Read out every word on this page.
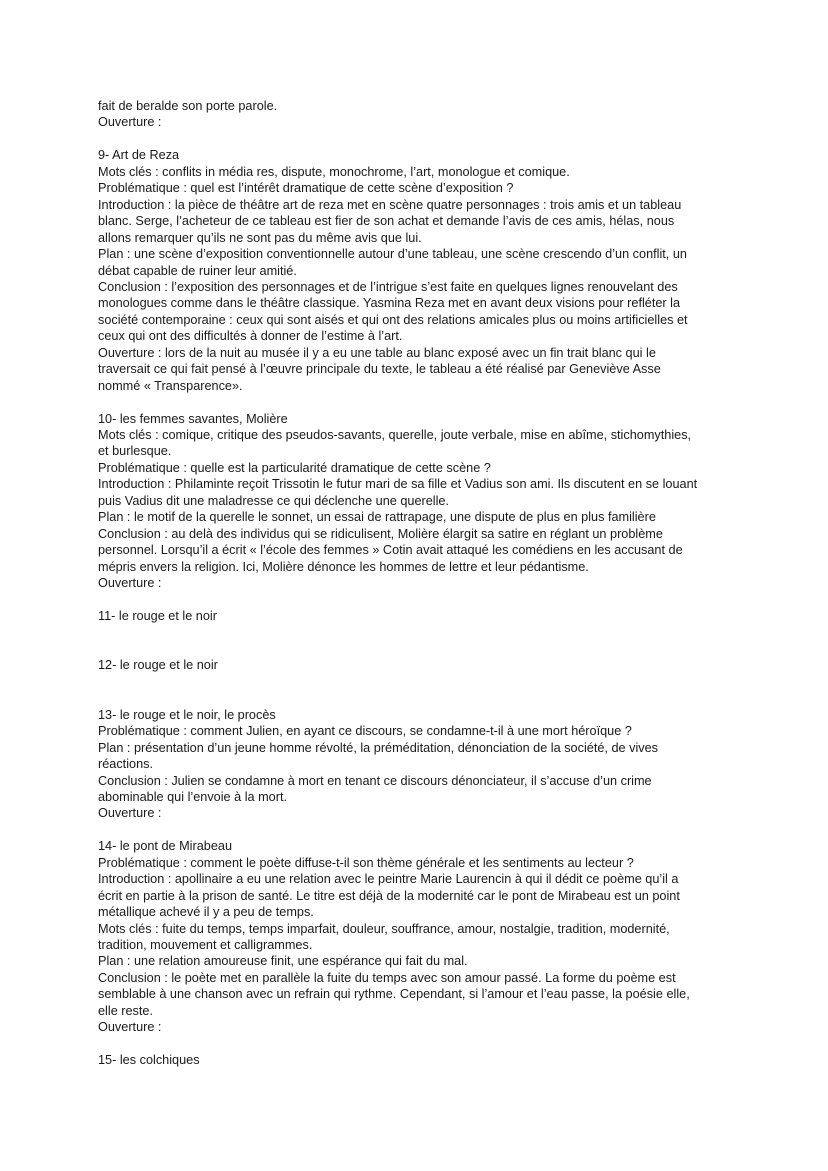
fait de beralde son porte parole.
Ouverture :
9- Art de Reza
Mots clés : conflits in média res, dispute, monochrome, l’art, monologue et comique.
Problématique : quel est l’intérêt dramatique de cette scène d’exposition ?
Introduction : la pièce de théâtre art de reza met en scène quatre personnages : trois amis et un tableau
blanc. Serge, l’acheteur de ce tableau est fier de son achat et demande l’avis de ces amis, hélas, nous
allons remarquer qu’ils ne sont pas du même avis que lui.
Plan : une scène d’exposition conventionnelle autour d’une tableau, une scène crescendo d’un conflit, un
débat capable de ruiner leur amitié.
Conclusion : l’exposition des personnages et de l’intrigue s’est faite en quelques lignes renouvelant des
monologues comme dans le théâtre classique. Yasmina Reza met en avant deux visions pour refléter la
société contemporaine : ceux qui sont aisés et qui ont des relations amicales plus ou moins artificielles et
ceux qui ont des difficultés à donner de l’estime à l’art.
Ouverture : lors de la nuit au musée il y a eu une table au blanc exposé avec un fin trait blanc qui le
traversait ce qui fait pensé à l’œuvre principale du texte, le tableau a été réalisé par Geneviève Asse
nommé « Transparence».
10- les femmes savantes, Molière
Mots clés : comique, critique des pseudos-savants, querelle, joute verbale, mise en abîme, stichomythies,
et burlesque.
Problématique : quelle est la particularité dramatique de cette scène ?
Introduction : Philaminte reçoit Trissotin le futur mari de sa fille et Vadius son ami. Ils discutent en se louant
puis Vadius dit une maladresse ce qui déclenche une querelle.
Plan : le motif de la querelle le sonnet, un essai de rattrapage, une dispute de plus en plus familière
Conclusion : au delà des individus qui se ridiculisent, Molière élargit sa satire en réglant un problème
personnel. Lorsqu’il a écrit « l’école des femmes » Cotin avait attaqué les comédiens en les accusant de
mépris envers la religion. Ici, Molière dénonce les hommes de lettre et leur pédantisme.
Ouverture :
11- le rouge et le noir
12- le rouge et le noir
13- le rouge et le noir, le procès
Problématique : comment Julien, en ayant ce discours, se condamne-t-il à une mort héroïque ?
Plan : présentation d’un jeune homme révolté, la préméditation, dénonciation de la société, de vives
réactions.
Conclusion : Julien se condamne à mort en tenant ce discours dénonciateur, il s’accuse d’un crime
abominable qui l’envoie à la mort.
Ouverture :
14- le pont de Mirabeau
Problématique : comment le poète diffuse-t-il son thème générale et les sentiments au lecteur ?
Introduction : apollinaire a eu une relation avec le peintre Marie Laurencin à qui il dédit ce poème qu’il a
écrit en partie à la prison de santé. Le titre est déjà de la modernité car le pont de Mirabeau est un point
métallique achevé il y a peu de temps.
Mots clés : fuite du temps, temps imparfait, douleur, souffrance, amour, nostalgie, tradition, modernité,
tradition, mouvement et calligrammes.
Plan : une relation amoureuse finit, une espérance qui fait du mal.
Conclusion : le poète met en parallèle la fuite du temps avec son amour passé. La forme du poème est
semblable à une chanson avec un refrain qui rythme. Cependant, si l’amour et l’eau passe, la poésie elle,
elle reste.
Ouverture :
15- les colchiques
